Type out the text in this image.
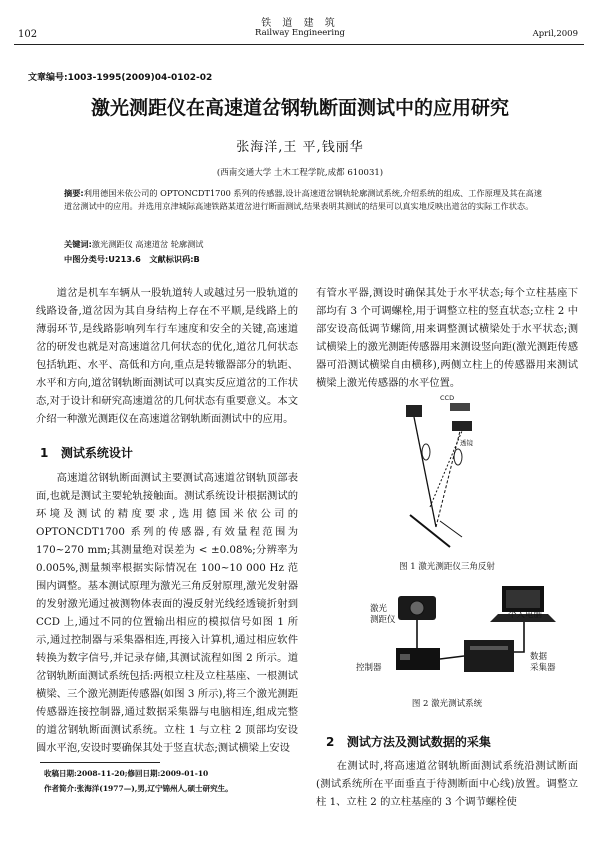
铁 道 建 筑
Railway Engineering
102	April,2009
文章编号:1003-1995(2009)04-0102-02
激光测距仪在高速道岔钢轨断面测试中的应用研究
张海洋,王 平,钱丽华
(西南交通大学 土木工程学院,成都 610031)
摘要:利用德国米依公司的 OPTONCDT1700 系列的传感器,设计高速道岔钢轨轮廓测试系统,介绍系统的组成、工作原理及其在高速道岔测试中的应用。并选用京津城际高速铁路某道岔进行断面测试,结果表明其测试的结果可以真实地反映出道岔的实际工作状态。
关键词:激光测距仪 高速道岔 轮廓测试
中图分类号:U213.6 文献标识码:B

道岔是机车车辆从一股轨道转人或越过另一股轨道的线路设备,道岔因为其自身结构上存在不平顺,是线路上的薄弱环节,是线路影响列车行车速度和安全的关键,高速道岔的研发也就是对高速道岔几何状态的优化,道岔几何状态包括轨距、水平、高低和方向,重点是转辙器部分的轨距、水平和方向,道岔钢轨断面测试可以真实反应道岔的工作状态,对于设计和研究高速道岔的几何状态有重要意义。本文介绍一种激光测距仪在高速道岔钢轨断面测试中的应用。

1 测试系统设计

高速道岔钢轨断面测试主要测试高速道岔钢轨顶部表面,也就是测试主要轮轨接触面。测试系统设计根据测试的环境及测试的精度要求,选用德国米依公司的 OPTONCDT1700 系列的传感器,有效量程范围为 170~270 mm;其测量绝对误差为 < ±0.08%;分辨率为 0.005%,测量频率根据实际情况在 100~10 000 Hz 范围内调整。基本测试原理为激光三角反射原理,激光发射器的发射激光通过被测物体表面的漫反射光线经透镜折射到 CCD 上,通过不同的位置输出相应的模拟信号如图 1 所示,通过控制器与采集器相连,再接入计算机,通过相应软件转换为数字信号,并记录存储,其测试流程如图 2 所示。道岔钢轨断面测试系统包括:两根立柱及立柱基座、一根测试横梁、三个激光测距传感器(如图 3 所示),将三个激光测距传感器连接控制器,通过数据采集器与电脑相连,组成完整的道岔钢轨断面测试系统。立柱 1 与立柱 2 顶部均安设圆水平泡,安设时要确保其处于竖直状态;测试横梁上安设

收稿日期:2008-11-20;修回日期:2009-01-10
作者简介:张海洋(1977—),男,辽宁锦州人,硕士研究生。

有管水平器,测设时确保其处于水平状态;每个立柱基座下部均有 3 个可调螺栓,用于调整立柱的竖直状态;立柱 2 中部安设高低调节螺筒,用来调整测试横梁处于水平状态;测试横梁上的激光测距传感器用来测设竖向距(激光测距传感器可沿测试横梁自由横移),两侧立柱上的传感器用来测试横梁上激光传感器的水平位置。

CCD
透镜
图 1 激光测距仪三角反射
激光
测距仪	个人电脑
控制器
数据
采集器
图 2 激光测试系统
2 测试方法及测试数据的采集

在测试时,将高速道岔钢轨断面测试系统沿测试断面(测试系统所在平面垂直于待测断面中心线)放置。调整立柱 1、立柱 2 的立柱基座的 3 个调节螺栓使
